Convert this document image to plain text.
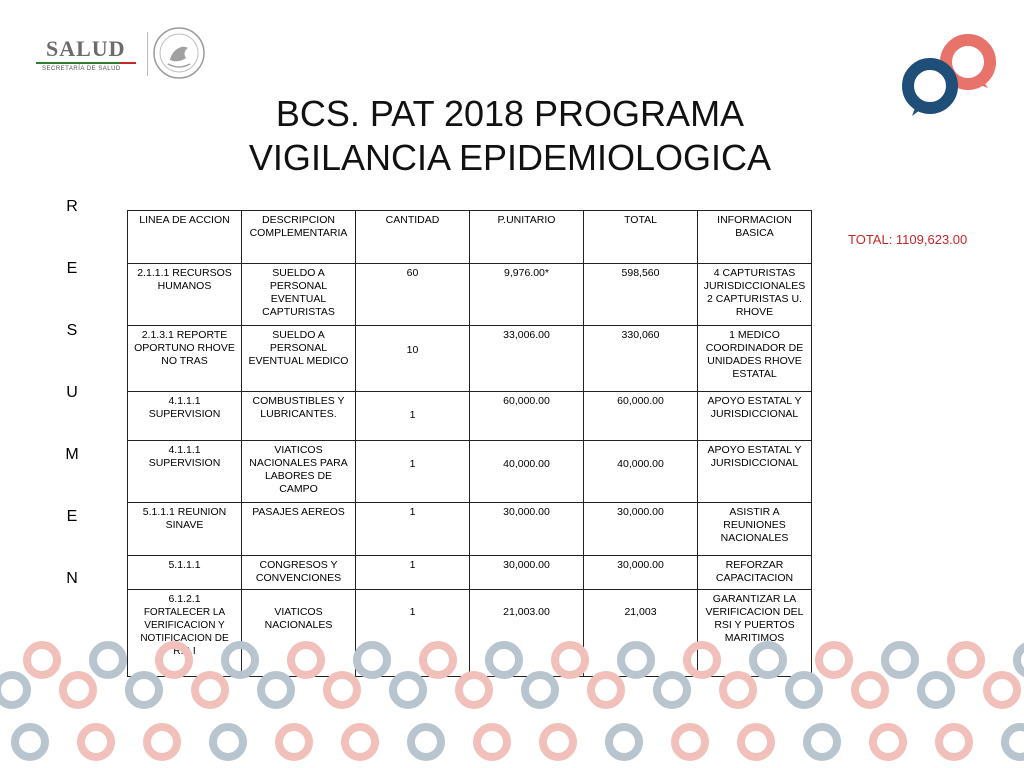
SALUD
SECRETARÍA DE SALUD
BCS. PAT 2018 PROGRAMA
VIGILANCIA EPIDEMIOLOGICA
R
E
S
U
M
E
N
TOTAL: 1109,623.00
LINEA DE ACCION	DESCRIPCION COMPLEMENTARIA	CANTIDAD	P.UNITARIO	TOTAL	INFORMACION BASICA
2.1.1.1 RECURSOS HUMANOS	SUELDO A PERSONAL EVENTUAL CAPTURISTAS	60	9,976.00*	598,560	4 CAPTURISTAS JURISDICCIONALES 2 CAPTURISTAS U. RHOVE
2.1.3.1 REPORTE OPORTUNO RHOVE NO TRAS	SUELDO A PERSONAL EVENTUAL MEDICO	10	33,006.00	330,060	1 MEDICO COORDINADOR DE UNIDADES RHOVE ESTATAL
4.1.1.1 SUPERVISION	COMBUSTIBLES Y LUBRICANTES.	1	60,000.00	60,000.00	APOYO ESTATAL Y JURISDICCIONAL
4.1.1.1 SUPERVISION	VIATICOS NACIONALES PARA LABORES DE CAMPO	1	40,000.00	40,000.00	APOYO ESTATAL Y JURISDICCIONAL
5.1.1.1 REUNION SINAVE	PASAJES AEREOS	1	30,000.00	30,000.00	ASISTIR A REUNIONES NACIONALES
5.1.1.1	CONGRESOS Y CONVENCIONES	1	30,000.00	30,000.00	REFORZAR CAPACITACION
6.1.2.1
FORTALECER LA VERIFICACION Y NOTIFICACION DE R.S.I	VIATICOS NACIONALES	1	21,003.00	21,003	GARANTIZAR LA VERIFICACION DEL RSI Y PUERTOS MARITIMOS
